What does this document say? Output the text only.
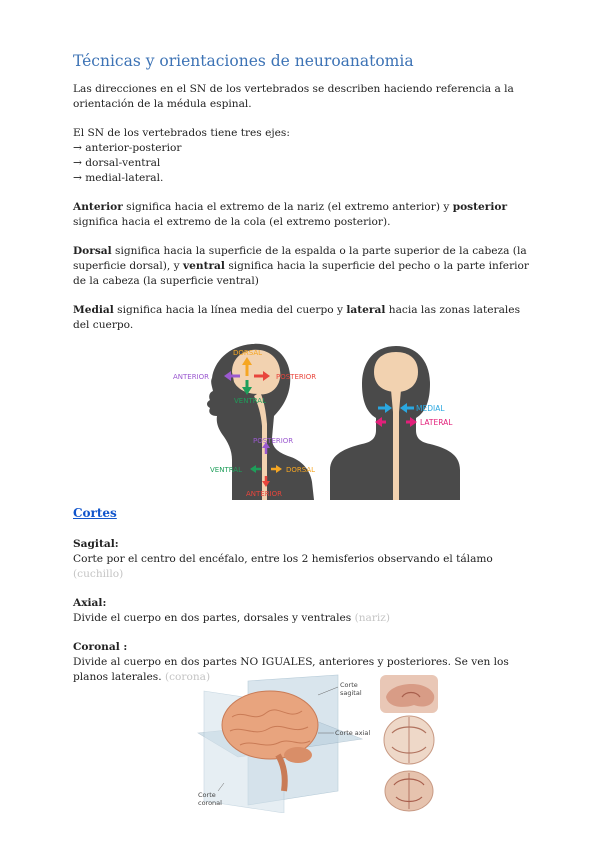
Técnicas y orientaciones de neuroanatomia

Las direcciones en el SN de los vertebrados se describen haciendo referencia a la orientación de la médula espinal.

El SN de los vertebrados tiene tres ejes:

→ anterior-posterior

→ dorsal-ventral

→ medial-lateral.

Anterior significa hacia el extremo de la nariz (el extremo anterior) y posterior significa hacia el extremo de la cola (el extremo posterior).

Dorsal significa hacia la superficie de la espalda o la parte superior de la cabeza (la superficie dorsal), y ventral significa hacia la superficie del pecho o la parte inferior de la cabeza (la superficie ventral)

Medial significa hacia la línea media del cuerpo y lateral hacia las zonas laterales del cuerpo.

DORSAL
ANTERIOR	POSTERIOR
VENTRAL
POSTERIOR
VENTRAL	DORSAL
ANTERIOR
MEDIAL
LATERAL
Cortes

Sagital:

Corte por el centro del encéfalo, entre los 2 hemisferios observando el tálamo (cuchillo)

Axial:

Divide el cuerpo en dos partes, dorsales y ventrales (nariz)

Coronal :

Divide al cuerpo en dos partes NO IGUALES, anteriores y posteriores. Se ven los planos laterales. (corona)

Corte
sagital
Corte axial
Corte
coronal
